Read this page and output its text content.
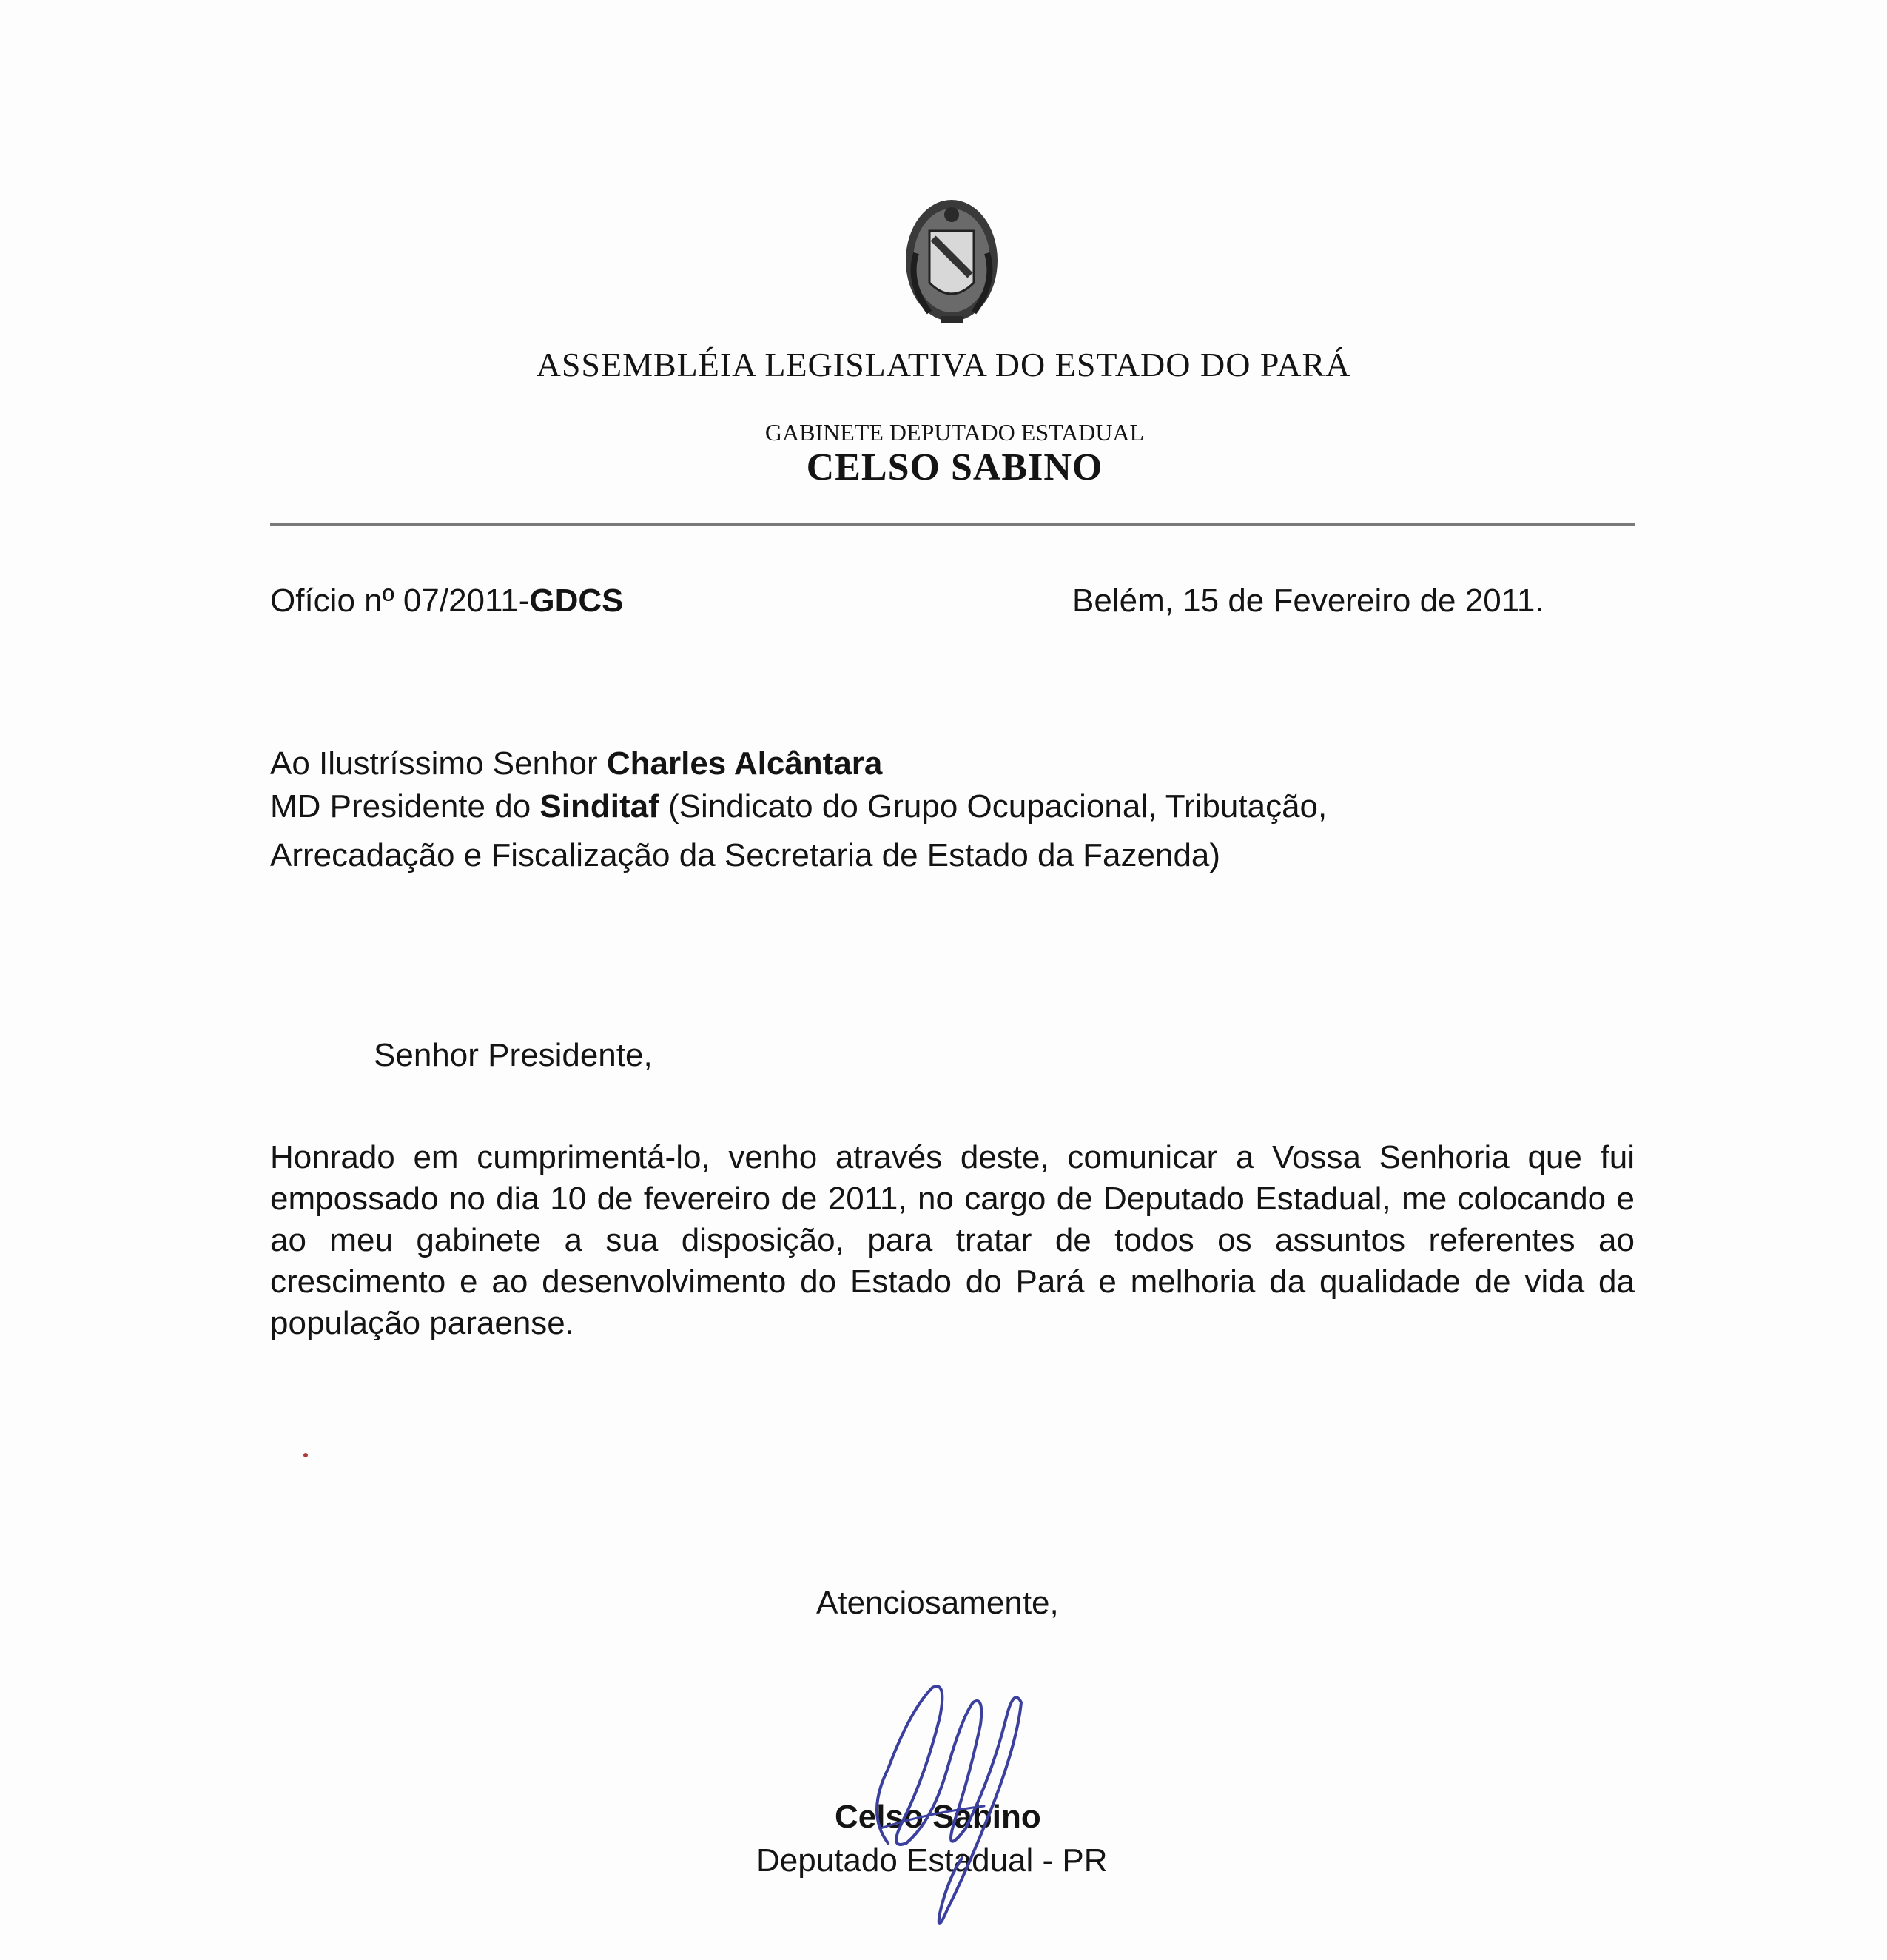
ASSEMBLÉIA LEGISLATIVA DO ESTADO DO PARÁ
GABINETE DEPUTADO ESTADUAL
CELSO SABINO
Ofício nº 07/2011-GDCS	Belém, 15 de Fevereiro de 2011.
Ao Ilustríssimo Senhor Charles Alcântara
MD Presidente do Sinditaf (Sindicato do Grupo Ocupacional, Tributação,
Arrecadação e Fiscalização da Secretaria de Estado da Fazenda)
Senhor Presidente,
Honrado em cumprimentá-lo, venho através deste, comunicar a Vossa Senhoria que fui empossado no dia 10 de fevereiro de 2011, no cargo de Deputado Estadual, me colocando e ao meu gabinete a sua disposição, para tratar de todos os assuntos referentes ao crescimento e ao desenvolvimento do Estado do Pará e melhoria da qualidade de vida da população paraense.
Atenciosamente,
Celso Sabino
Deputado Estadual - PR
